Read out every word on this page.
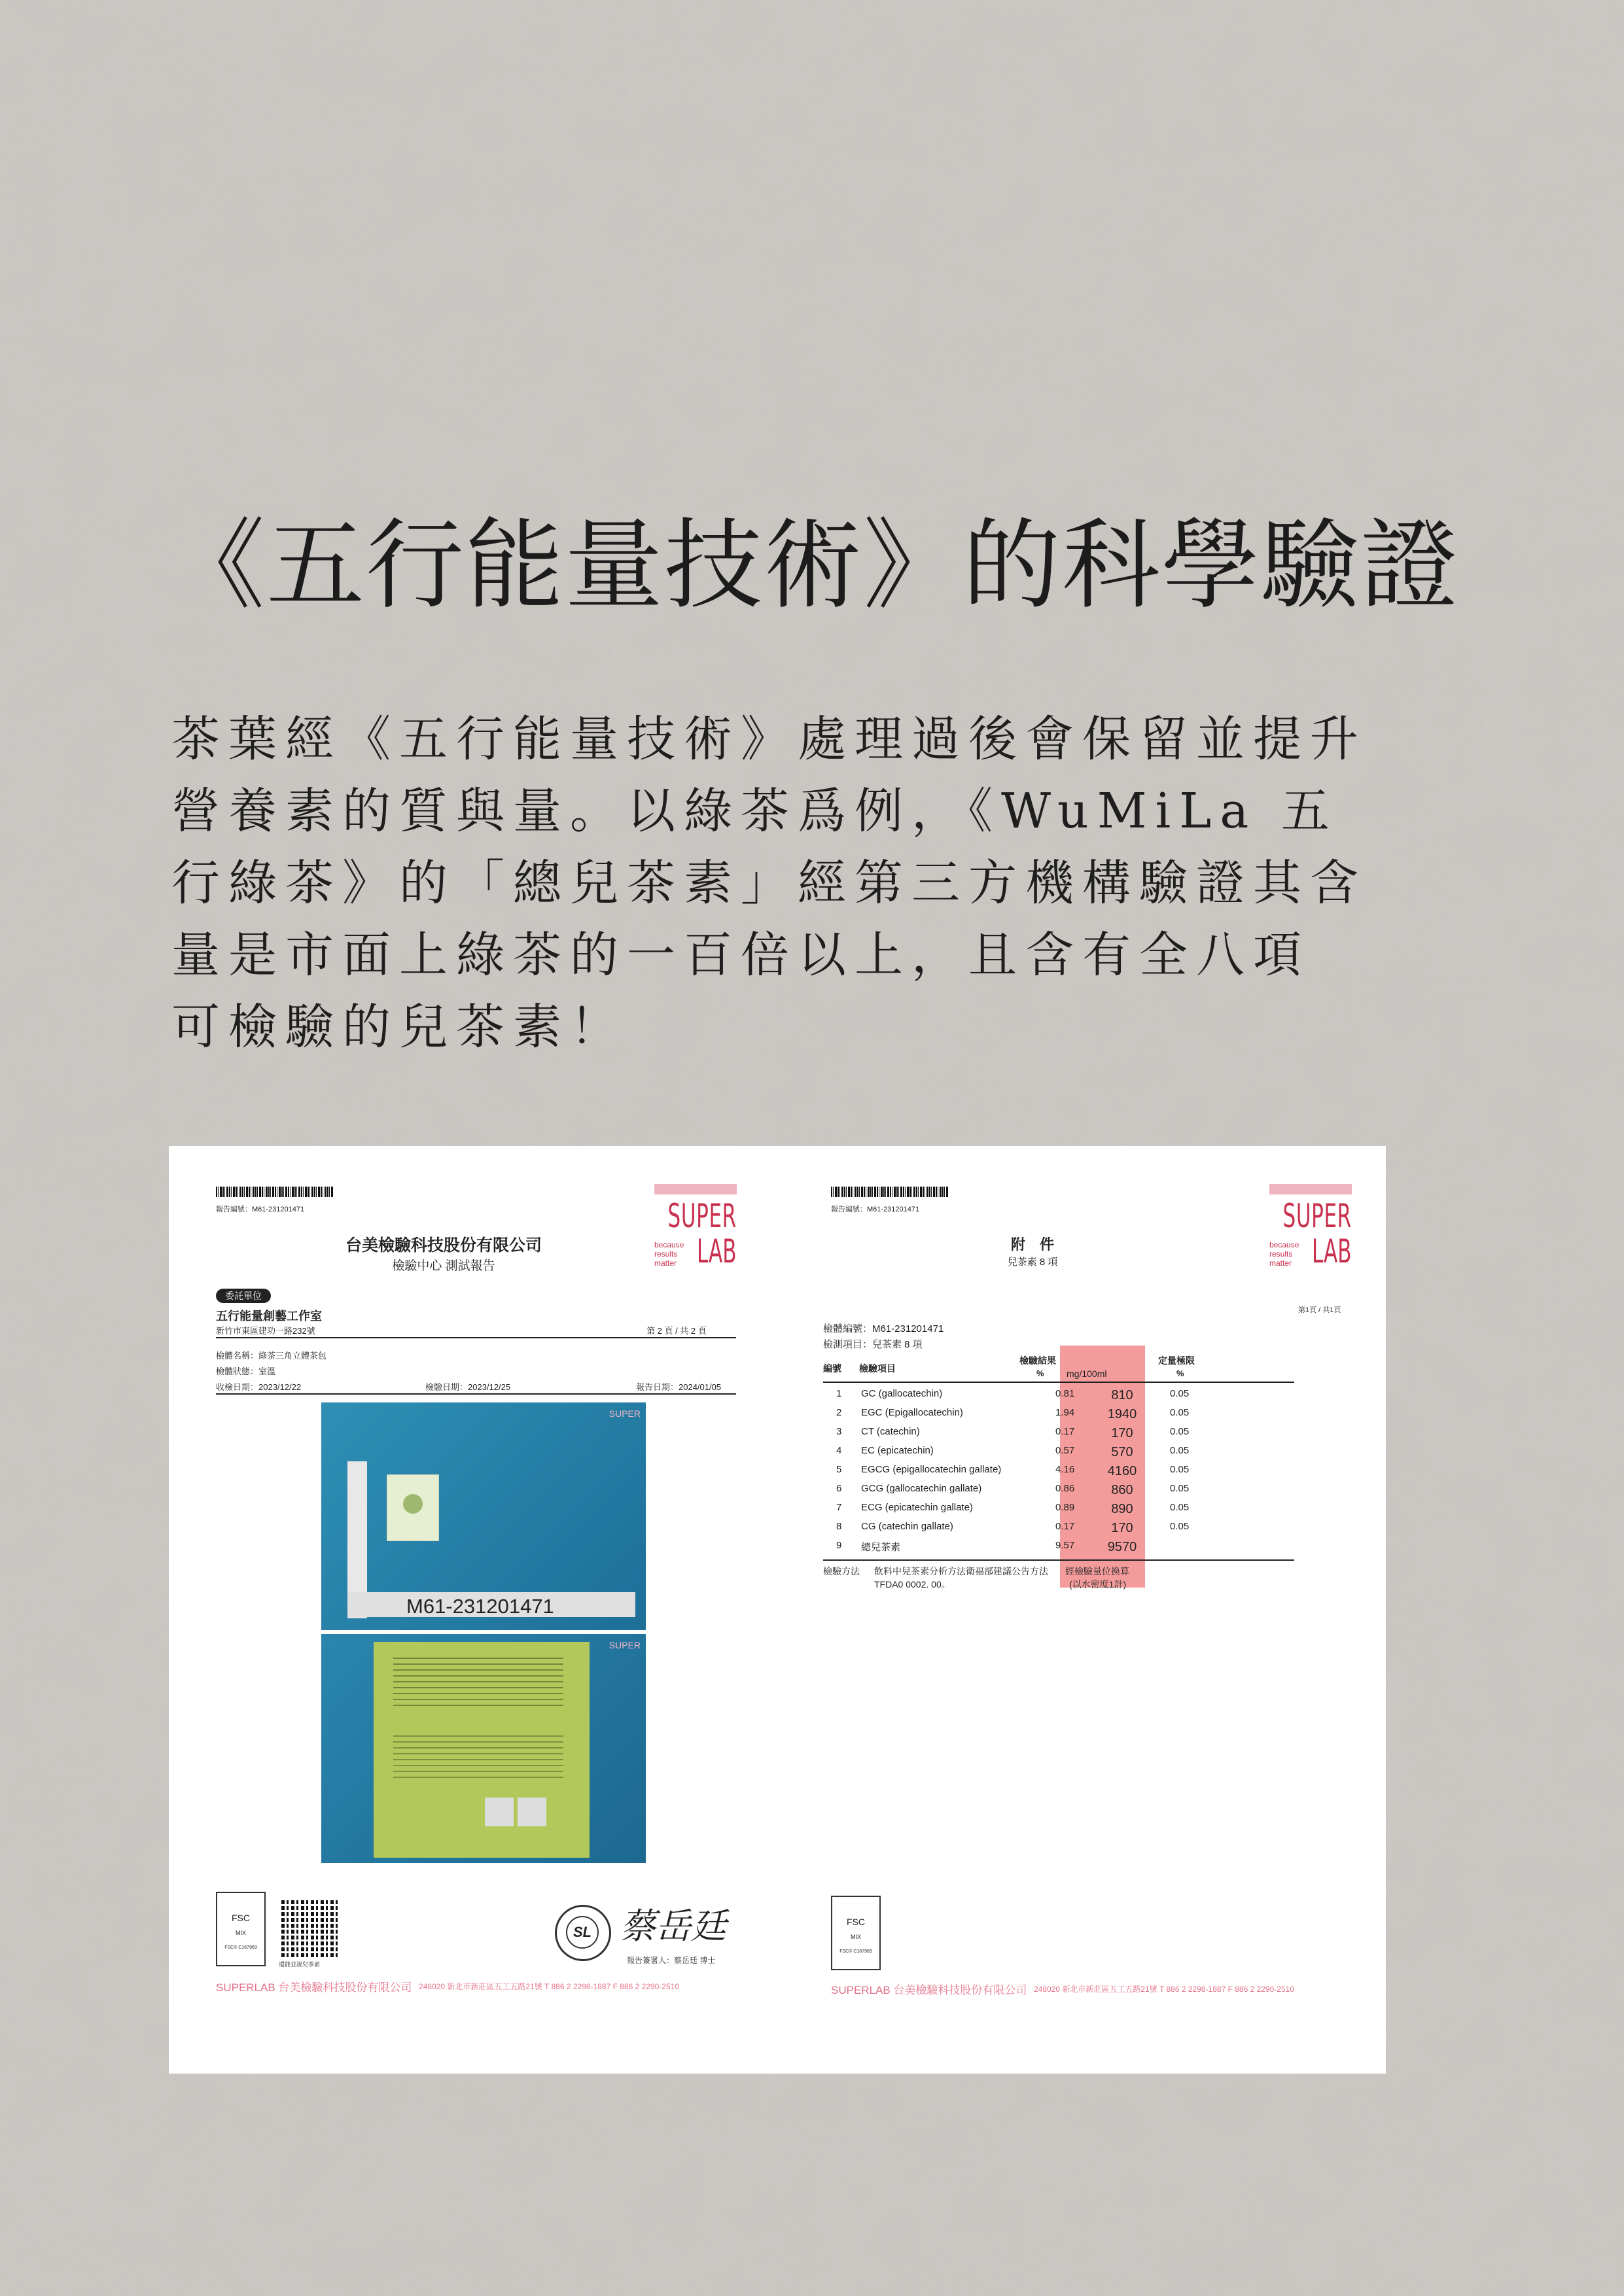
《五行能量技術》的科學驗證
茶葉經《五行能量技術》處理過後會保留並提升
營養素的質與量。以綠茶爲例，《WuMiLa 五
行綠茶》的「總兒茶素」經第三方機構驗證其含
量是市面上綠茶的一百倍以上，且含有全八項
可檢驗的兒茶素！
報告編號：M61-231201471	SUPER
LAB
because
results
matter
台美檢驗科技股份有限公司
檢驗中心 測試報告
委託單位
五行能量創藝工作室
新竹市東區建功一路232號	第 2 頁 / 共 2 頁
檢體名稱：綠茶三角立體茶包
檢體狀態：室溫
收檢日期：2023/12/22	檢驗日期：2023/12/25	報告日期：2024/01/05
M61-231201471
SUPER
SUPER
FSC
MIX
FSC® C167969
還能並說兒茶素
SL 蔡岳廷
報告簽署人：蔡岳廷 博士
SUPERLAB 台美檢驗科技股份有限公司 248020 新北市新莊區五工五路21號 T 886 2 2298-1887 F 886 2 2290-2510
報告編號：M61-231201471	SUPER
LAB
because
results
matter
附　件
兒茶素 8 項
第1頁 / 共1頁
檢體編號：M61-231201471
檢測項目：兒茶素 8 項
編號 檢驗項目
檢驗結果
% mg/100ml
定量極限
%
1 GC (gallocatechin)	0.81	810	0.05
2 EGC (Epigallocatechin)	1.94	1940	0.05
3 CT (catechin)	0.17	170	0.05
4 EC (epicatechin)	0.57	570	0.05
5 EGCG (epigallocatechin gallate)	4.16	4160	0.05
6 GCG (gallocatechin gallate)	0.86	860	0.05
7 ECG (epicatechin gallate)	0.89	890	0.05
8 CG (catechin gallate)	0.17	170	0.05
9 總兒茶素	9.57	9570
檢驗方法 飲料中兒茶素分析方法衛福部建議公告方法
TFDA0 0002. 00。
經檢驗量位換算
(以水密度1計)
FSC
MIX
FSC® C167969
SUPERLAB 台美檢驗科技股份有限公司 248020 新北市新莊區五工五路21號 T 886 2 2298-1887 F 886 2 2290-2510
